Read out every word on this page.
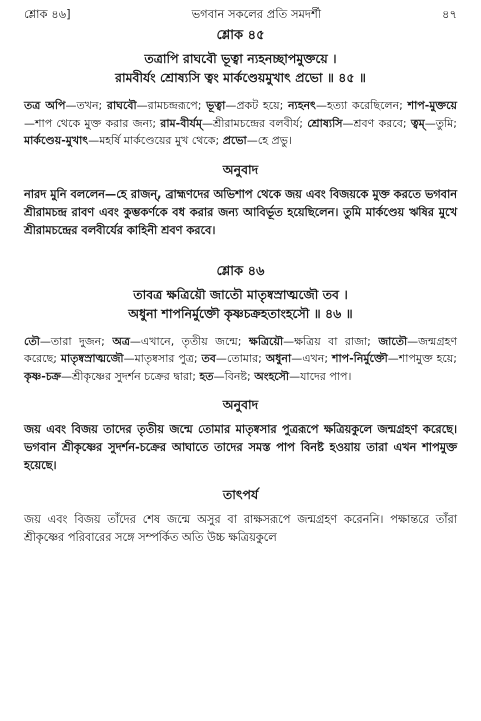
শ্লোক ৪৬]	ভগবান সকলের প্রতি সমদর্শী	৪৭

শ্লোক ৪৫

তত্রাপি রাঘবৌ ভূত্বা ন্যহনচ্ছাপমুক্তয়ে ।
রামবীর্যং শ্রোষ্যসি ত্বং মার্কণ্ডেয়মুখাৎ প্রভো ॥ ৪৫ ॥

তত্র অপি—তখন; রাঘবৌ—রামচন্দ্ররূপে; ভূত্বা—প্রকট হয়ে; ন্যহনৎ—হত্যা করেছিলেন; শাপ-মুক্তয়ে—শাপ থেকে মুক্ত করার জন্য; রাম-বীর্যম্—শ্রীরামচন্দ্রের বলবীর্য; শ্রোষ্যসি—শ্রবণ করবে; ত্বম্—তুমি; মার্কণ্ডেয়-মুখাৎ—মহর্ষি মার্কণ্ডেয়ের মুখ থেকে; প্রভো—হে প্রভু।

অনুবাদ

নারদ মুনি বললেন—হে রাজন্, ব্রাহ্মণদের অভিশাপ থেকে জয় এবং বিজয়কে মুক্ত করতে ভগবান শ্রীরামচন্দ্র রাবণ এবং কুম্ভকর্ণকে বধ করার জন্য আবির্ভূত হয়েছিলেন। তুমি মার্কণ্ডেয় ঋষির মুখে শ্রীরামচন্দ্রের বলবীর্যের কাহিনী শ্রবণ করবে।

শ্লোক ৪৬

তাবত্র ক্ষত্রিয়ৌ জাতৌ মাতৃষ্বস্রাত্মজৌ তব ।
অধুনা শাপনির্মুক্তৌ কৃষ্ণচক্রহতাংহসৌ ॥ ৪৬ ॥

তৌ—তারা দুজন; অত্র—এখানে, তৃতীয় জন্মে; ক্ষত্রিয়ৌ—ক্ষত্রিয় বা রাজা; জাতৌ—জন্মগ্রহণ করেছে; মাতৃষ্বস্রাত্মজৌ—মাতৃষ্বসার পুত্র; তব—তোমার; অধুনা—এখন; শাপ-নির্মুক্তৌ—শাপমুক্ত হয়ে; কৃষ্ণ-চক্র—শ্রীকৃষ্ণের সুদর্শন চক্রের দ্বারা; হত—বিনষ্ট; অংহসৌ—যাদের পাপ।

অনুবাদ

জয় এবং বিজয় তাদের তৃতীয় জন্মে তোমার মাতৃষ্বসার পুত্ররূপে ক্ষত্রিয়কুলে জন্মগ্রহণ করেছে। ভগবান শ্রীকৃষ্ণের সুদর্শন-চক্রের আঘাতে তাদের সমস্ত পাপ বিনষ্ট হওয়ায় তারা এখন শাপমুক্ত হয়েছে।

তাৎপর্য

জয় এবং বিজয় তাঁদের শেষ জন্মে অসুর বা রাক্ষসরূপে জন্মগ্রহণ করেননি। পক্ষান্তরে তাঁরা শ্রীকৃষ্ণের পরিবারের সঙ্গে সম্পর্কিত অতি উচ্চ ক্ষত্রিয়কুলে
